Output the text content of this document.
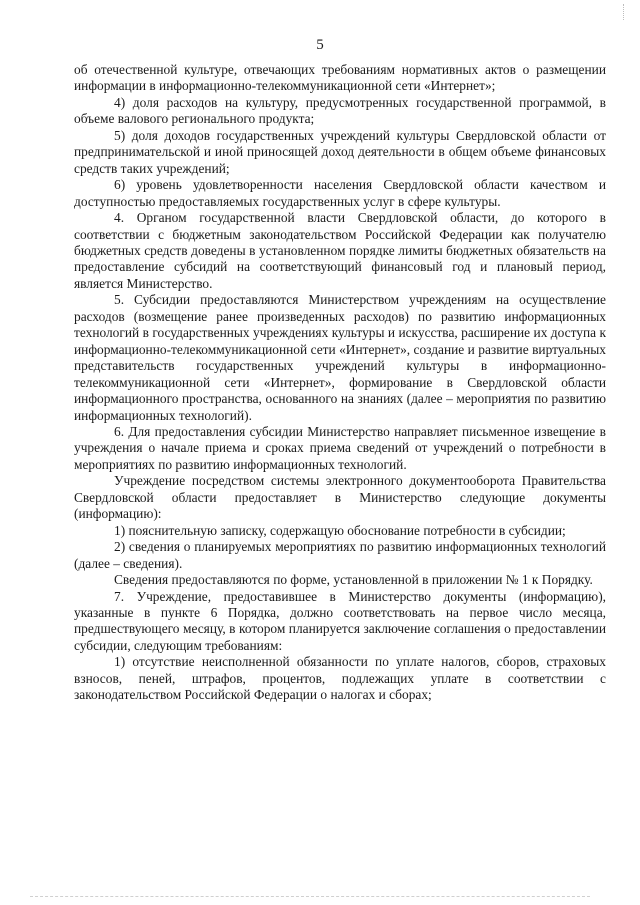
5

об отечественной культуре, отвечающих требованиям нормативных актов о размещении информации в информационно-телекоммуникационной сети «Интернет»;

4) доля расходов на культуру, предусмотренных государственной программой, в объеме валового регионального продукта;

5) доля доходов государственных учреждений культуры Свердловской области от предпринимательской и иной приносящей доход деятельности в общем объеме финансовых средств таких учреждений;

6) уровень удовлетворенности населения Свердловской области качеством и доступностью предоставляемых государственных услуг в сфере культуры.

4. Органом государственной власти Свердловской области, до которого в соответствии с бюджетным законодательством Российской Федерации как получателю бюджетных средств доведены в установленном порядке лимиты бюджетных обязательств на предоставление субсидий на соответствующий финансовый год и плановый период, является Министерство.

5. Субсидии предоставляются Министерством учреждениям на осуществление расходов (возмещение ранее произведенных расходов) по развитию информационных технологий в государственных учреждениях культуры и искусства, расширение их доступа к информационно-телекоммуникационной сети «Интернет», создание и развитие виртуальных представительств государственных учреждений культуры в информационно-телекоммуникационной сети «Интернет», формирование в Свердловской области информационного пространства, основанного на знаниях (далее – мероприятия по развитию информационных технологий).

6. Для предоставления субсидии Министерство направляет письменное извещение в учреждения о начале приема и сроках приема сведений от учреждений о потребности в мероприятиях по развитию информационных технологий.

Учреждение посредством системы электронного документооборота Правительства Свердловской области предоставляет в Министерство следующие документы (информацию):

1) пояснительную записку, содержащую обоснование потребности в субсидии;

2) сведения о планируемых мероприятиях по развитию информационных технологий (далее – сведения).

Сведения предоставляются по форме, установленной в приложении № 1 к Порядку.

7. Учреждение, предоставившее в Министерство документы (информацию), указанные в пункте 6 Порядка, должно соответствовать на первое число месяца, предшествующего месяцу, в котором планируется заключение соглашения о предоставлении субсидии, следующим требованиям:

1) отсутствие неисполненной обязанности по уплате налогов, сборов, страховых взносов, пеней, штрафов, процентов, подлежащих уплате в соответствии с законодательством Российской Федерации о налогах и сборах;
